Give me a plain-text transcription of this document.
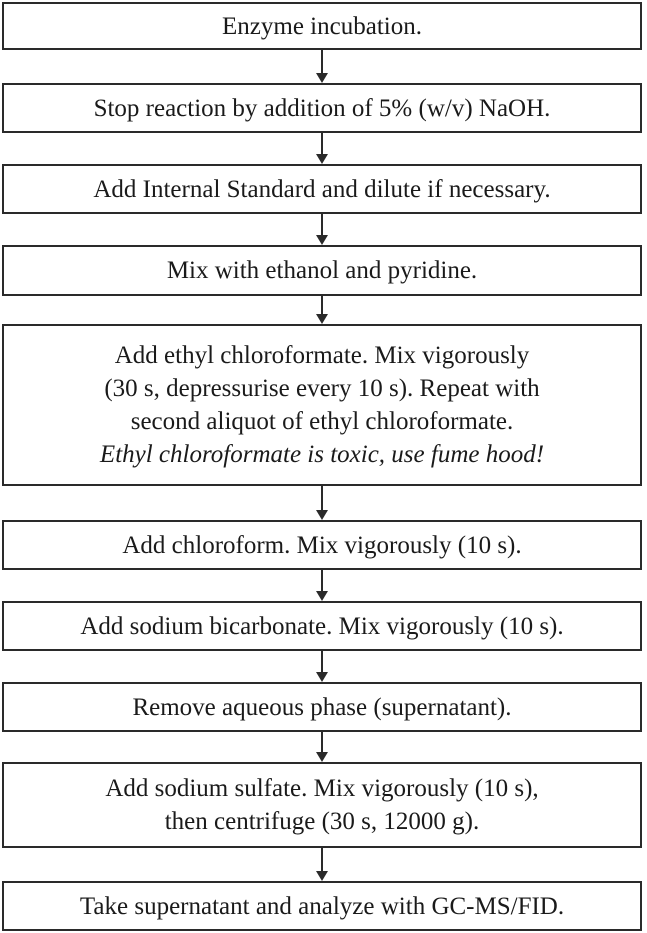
Enzyme incubation.
Stop reaction by addition of 5% (w/v) NaOH.
Add Internal Standard and dilute if necessary.
Mix with ethanol and pyridine.
Add ethyl chloroformate. Mix vigorously
(30 s, depressurise every 10 s). Repeat with
second aliquot of ethyl chloroformate.
Ethyl chloroformate is toxic, use fume hood!
Add chloroform. Mix vigorously (10 s).
Add sodium bicarbonate. Mix vigorously (10 s).
Remove aqueous phase (supernatant).
Add sodium sulfate. Mix vigorously (10 s),
then centrifuge (30 s, 12000 g).
Take supernatant and analyze with GC-MS/FID.
